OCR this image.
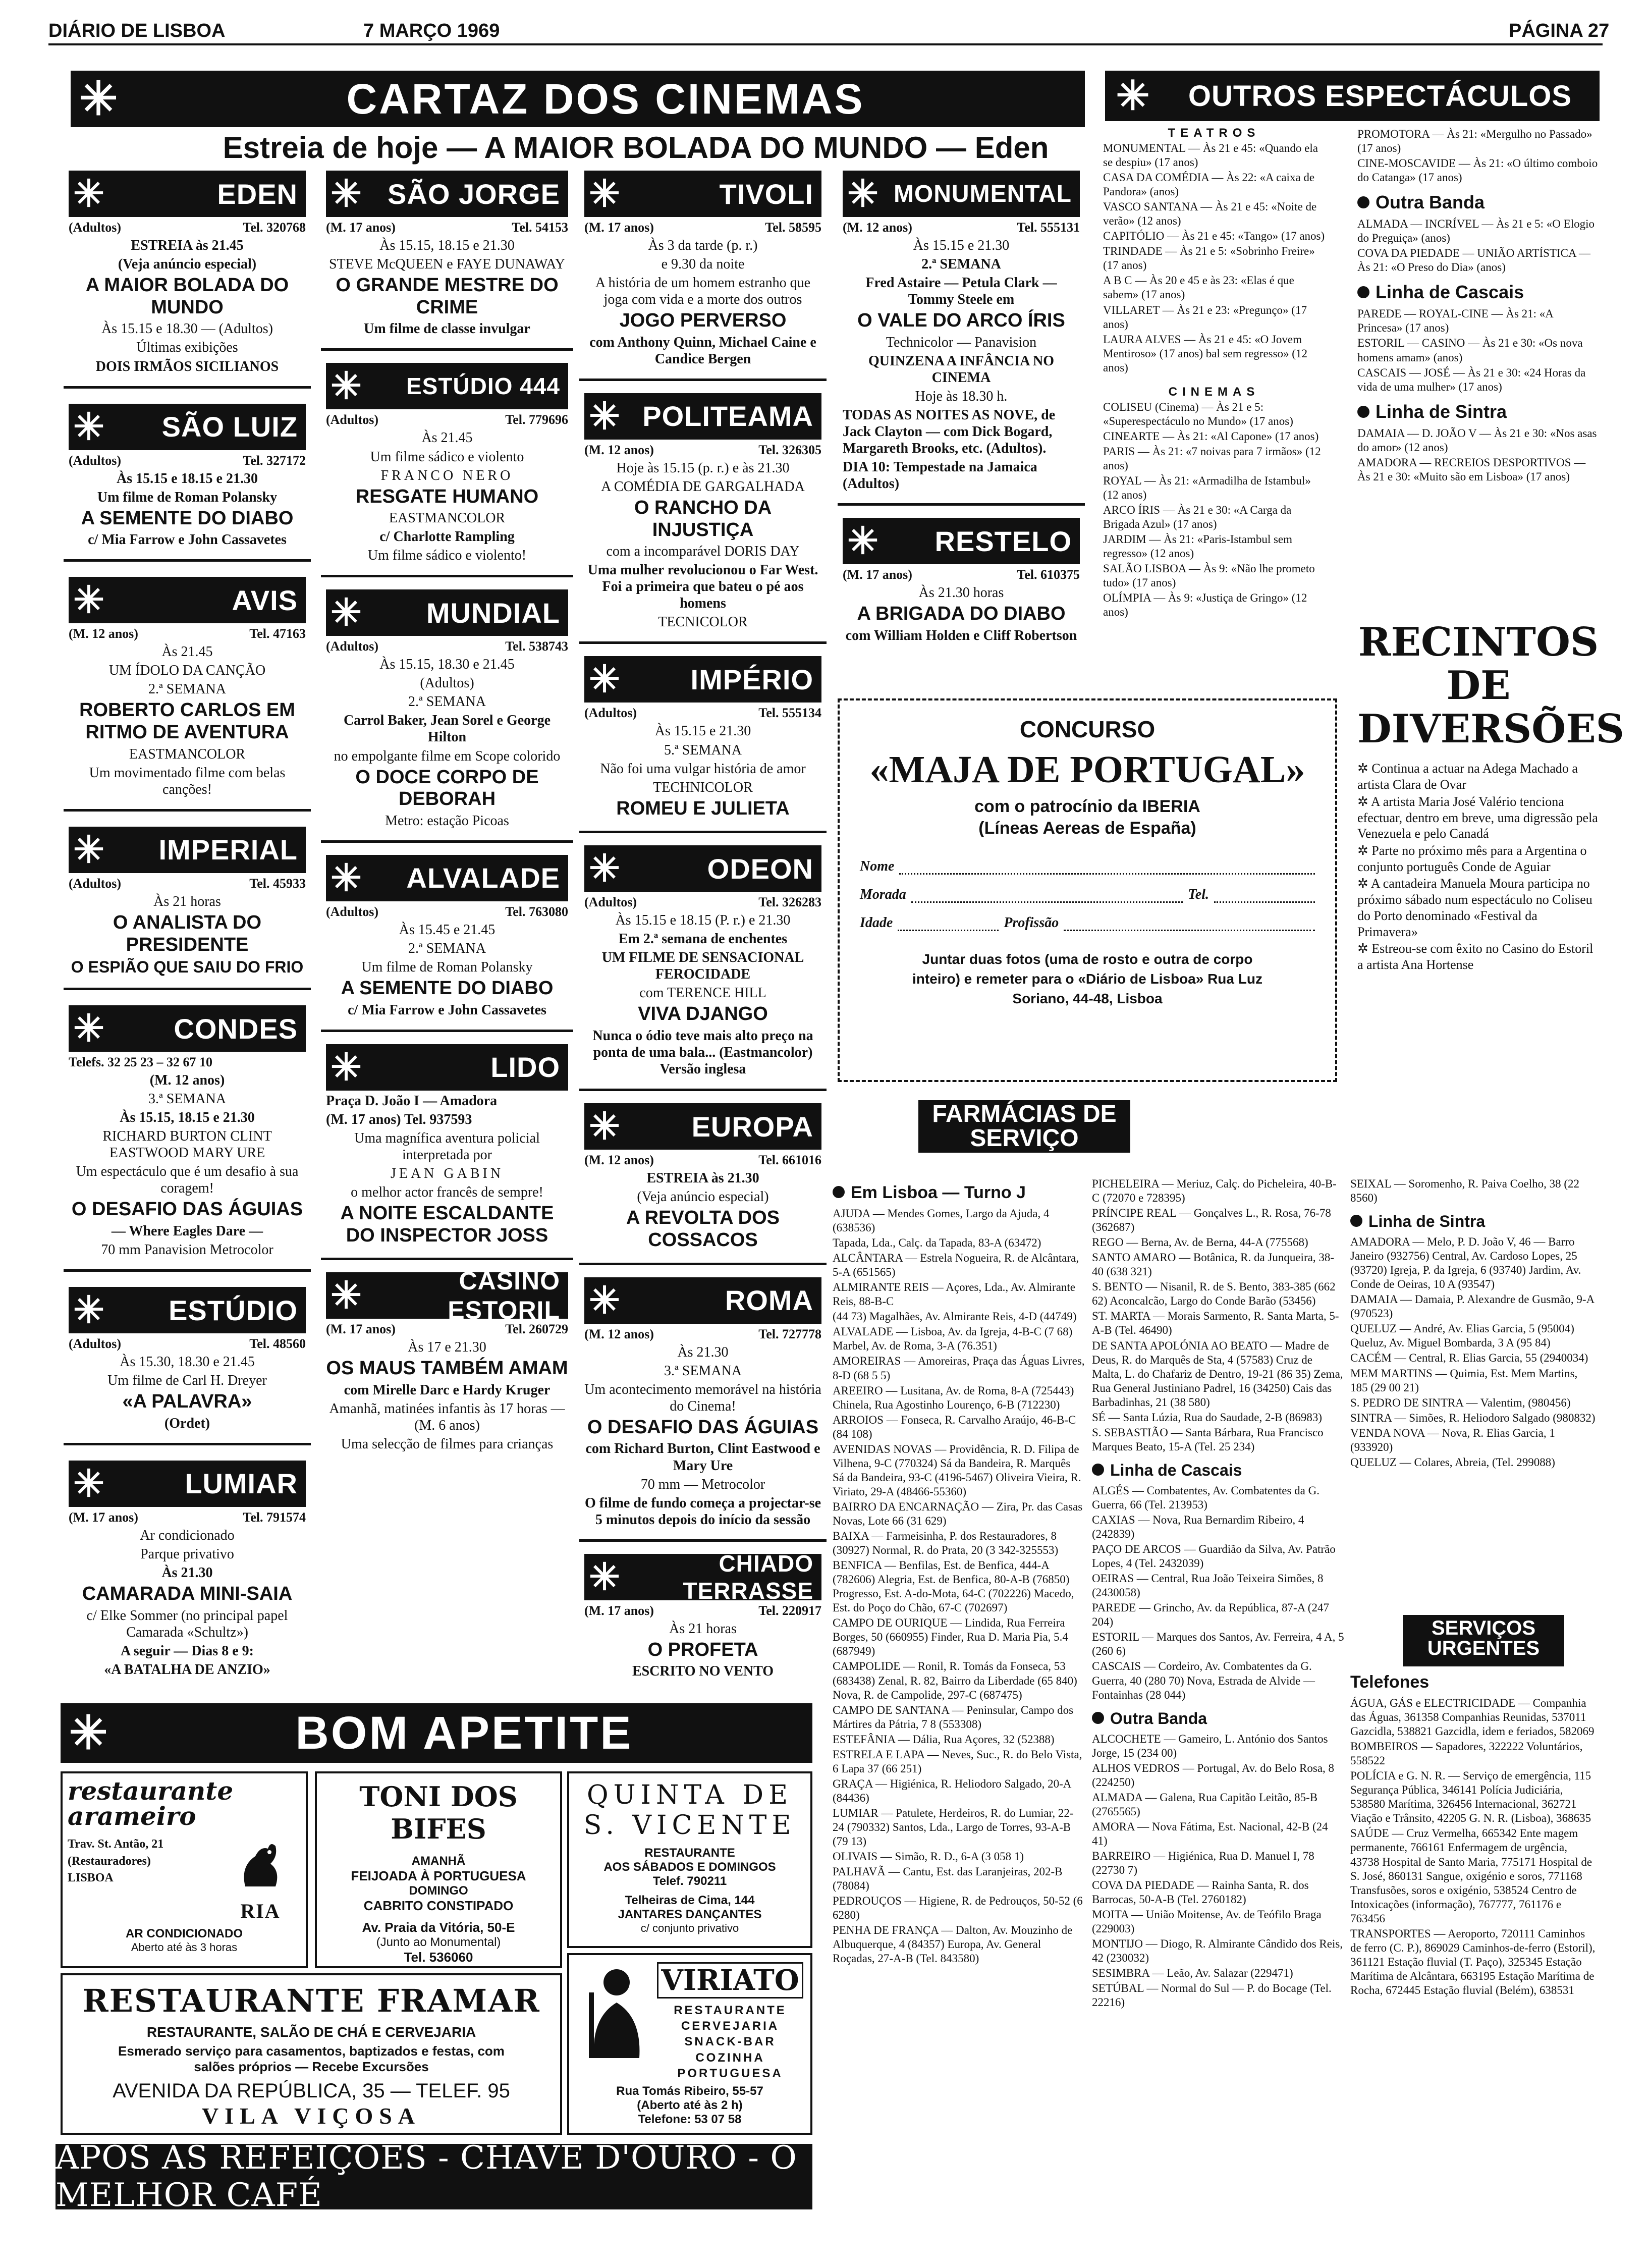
DIÁRIO DE LISBOA	7 MARÇO 1969	PÁGINA 27
✳	CARTAZ DOS CINEMAS
Estreia de hoje — A MAIOR BOLADA DO MUNDO — Eden
✳	OUTROS ESPECTÁCULOS
✳	EDEN
(Adultos)	Tel. 320768

ESTREIA às 21.45

(Veja anúncio especial)

A MAIOR BOLADA DO MUNDO

Às 15.15 e 18.30 — (Adultos)

Últimas exibições

DOIS IRMÃOS SICILIANOS

✳	SÃO LUIZ
(Adultos)	Tel. 327172

Às 15.15 e 18.15 e 21.30

Um filme de Roman Polansky

A SEMENTE DO DIABO

c/ Mia Farrow e John Cassavetes

✳	AVIS
(M. 12 anos)	Tel. 47163

Às 21.45

UM ÍDOLO DA CANÇÃO

2.ª SEMANA

ROBERTO CARLOS EM RITMO DE AVENTURA

EASTMANCOLOR

Um movimentado filme com belas canções!

✳	IMPERIAL
(Adultos)	Tel. 45933

Às 21 horas

O ANALISTA DO PRESIDENTE

O ESPIÃO QUE SAIU DO FRIO

✳	CONDES
Telefs. 32 25 23 – 32 67 10

(M. 12 anos)

3.ª SEMANA

Às 15.15, 18.15 e 21.30

RICHARD BURTON CLINT EASTWOOD MARY URE

Um espectáculo que é um desafio à sua coragem!

O DESAFIO DAS ÁGUIAS

— Where Eagles Dare —

70 mm Panavision Metrocolor

✳	ESTÚDIO
(Adultos)	Tel. 48560

Às 15.30, 18.30 e 21.45

Um filme de Carl H. Dreyer

«A PALAVRA»

(Ordet)

✳	LUMIAR
(M. 17 anos)	Tel. 791574

Ar condicionado

Parque privativo

Às 21.30

CAMARADA MINI-SAIA

c/ Elke Sommer (no principal papel Camarada «Schultz»)

A seguir — Dias 8 e 9:

«A BATALHA DE ANZIO»

✳ SÃO JORGE
(M. 17 anos)	Tel. 54153

Às 15.15, 18.15 e 21.30

STEVE McQUEEN e FAYE DUNAWAY

O GRANDE MESTRE DO CRIME

Um filme de classe invulgar

✳	ESTÚDIO 444
(Adultos)	Tel. 779696

Às 21.45

Um filme sádico e violento

FRANCO NERO

RESGATE HUMANO

EASTMANCOLOR

c/ Charlotte Rampling

Um filme sádico e violento!

✳	MUNDIAL
(Adultos)	Tel. 538743

Às 15.15, 18.30 e 21.45

(Adultos)

2.ª SEMANA

Carrol Baker, Jean Sorel e George Hilton

no empolgante filme em Scope colorido

O DOCE CORPO DE DEBORAH

Metro: estação Picoas

✳	ALVALADE
(Adultos)	Tel. 763080

Às 15.45 e 21.45

2.ª SEMANA

Um filme de Roman Polansky

A SEMENTE DO DIABO

c/ Mia Farrow e John Cassavetes

✳	LIDO

Praça D. João I — Amadora

(M. 17 anos) Tel. 937593

Uma magnífica aventura policial interpretada por

JEAN GABIN

o melhor actor francês de sempre!

A NOITE ESCALDANTE DO INSPECTOR JOSS

✳	CASINO ESTORIL
(M. 17 anos)	Tel. 260729

Às 17 e 21.30

OS MAUS TAMBÉM AMAM

com Mirelle Darc e Hardy Kruger

Amanhã, matinées infantis às 17 horas — (M. 6 anos)

Uma selecção de filmes para crianças

✳	TIVOLI
(M. 17 anos)	Tel. 58595

Às 3 da tarde (p. r.)

e 9.30 da noite

A história de um homem estranho que joga com vida e a morte dos outros

JOGO PERVERSO

com Anthony Quinn, Michael Caine e Candice Bergen

✳ POLITEAMA
(M. 12 anos)	Tel. 326305

Hoje às 15.15 (p. r.) e às 21.30

A COMÉDIA DE GARGALHADA

O RANCHO DA INJUSTIÇA

com a incomparável DORIS DAY

Uma mulher revolucionou o Far West. Foi a primeira que bateu o pé aos homens

TECNICOLOR

✳	IMPÉRIO
(Adultos)	Tel. 555134

Às 15.15 e 21.30

5.ª SEMANA

Não foi uma vulgar história de amor

TECHNICOLOR

ROMEU E JULIETA

✳	ODEON
(Adultos)	Tel. 326283

Às 15.15 e 18.15 (P. r.) e 21.30

Em 2.ª semana de enchentes

UM FILME DE SENSACIONAL FEROCIDADE

com TERENCE HILL

VIVA DJANGO

Nunca o ódio teve mais alto preço na ponta de uma bala... (Eastmancolor) Versão inglesa

✳	EUROPA
(M. 12 anos)	Tel. 661016

ESTREIA às 21.30

(Veja anúncio especial)

A REVOLTA DOS COSSACOS

✳	ROMA
(M. 12 anos)	Tel. 727778

Às 21.30

3.ª SEMANA

Um acontecimento memorável na história do Cinema!

O DESAFIO DAS ÁGUIAS

com Richard Burton, Clint Eastwood e Mary Ure

70 mm — Metrocolor

O filme de fundo começa a projectar-se 5 minutos depois do início da sessão

✳	CHIADO TERRASSE
(M. 17 anos)	Tel. 220917

Às 21 horas

O PROFETA

ESCRITO NO VENTO

✳ MONUMENTAL
(M. 12 anos)	Tel. 555131

Às 15.15 e 21.30

2.ª SEMANA

Fred Astaire — Petula Clark — Tommy Steele em

O VALE DO ARCO ÍRIS

Technicolor — Panavision

QUINZENA A INFÂNCIA NO CINEMA

Hoje às 18.30 h.

TODAS AS NOITES AS NOVE, de Jack Clayton — com Dick Bogard, Margareth Brooks, etc. (Adultos).

DIA 10: Tempestade na Jamaica (Adultos)

✳	RESTELO
(M. 17 anos)	Tel. 610375

Às 21.30 horas

A BRIGADA DO DIABO

com William Holden e Cliff Robertson

CONCURSO
«MAJA DE PORTUGAL»
com o patrocínio da IBERIA
(Líneas Aereas de España)
Nome
Morada	Tel.
Idade	Profissão
Juntar duas fotos (uma de rosto e outra de corpo inteiro) e remeter para o «Diário de Lisboa» Rua Luz Soriano, 44-48, Lisboa
TEATROS

MONUMENTAL — Às 21 e 45: «Quando ela se despiu» (17 anos)

CASA DA COMÉDIA — Às 22: «A caixa de Pandora» (anos)

VASCO SANTANA — Às 21 e 45: «Noite de verão» (12 anos)

CAPITÓLIO — Às 21 e 45: «Tango» (17 anos)

TRINDADE — Às 21 e 5: «Sobrinho Freire» (17 anos)

A B C — Às 20 e 45 e às 23: «Elas é que sabem» (17 anos)

VILLARET — Às 21 e 23: «Pregunço» (17 anos)

LAURA ALVES — Às 21 e 45: «O Jovem Mentiroso» (17 anos) bal sem regresso» (12 anos)

CINEMAS

COLISEU (Cinema) — Às 21 e 5: «Superespectáculo no Mundo» (17 anos)

CINEARTE — Às 21: «Al Capone» (17 anos)

PARIS — Às 21: «7 noivas para 7 irmãos» (12 anos)

ROYAL — Às 21: «Armadilha de Istambul» (12 anos)

ARCO ÍRIS — Às 21 e 30: «A Carga da Brigada Azul» (17 anos)

JARDIM — Às 21: «Paris-Istambul sem regresso» (12 anos)

SALÃO LISBOA — Às 9: «Não lhe prometo tudo» (17 anos)

OLÍMPIA — Às 9: «Justiça de Gringo» (12 anos)

PROMOTORA — Às 21: «Mergulho no Passado» (17 anos)

CINE-MOSCAVIDE — Às 21: «O último comboio do Catanga» (17 anos)

Outra Banda

ALMADA — INCRÍVEL — Às 21 e 5: «O Elogio do Preguiça» (anos)

COVA DA PIEDADE — UNIÃO ARTÍSTICA — Às 21: «O Preso do Dia» (anos)

Linha de Cascais

PAREDE — ROYAL-CINE — Às 21: «A Princesa» (17 anos)

ESTORIL — CASINO — Às 21 e 30: «Os nova homens amam» (anos)

CASCAIS — JOSÉ — Às 21 e 30: «24 Horas da vida de uma mulher» (17 anos)

Linha de Sintra

DAMAIA — D. JOÃO V — Às 21 e 30: «Nos asas do amor» (12 anos)

AMADORA — RECREIOS DESPORTIVOS — Às 21 e 30: «Muito são em Lisboa» (17 anos)

RECINTOS DE DIVERSÕES

✲ Continua a actuar na Adega Machado a artista Clara de Ovar

✲ A artista Maria José Valério tenciona efectuar, dentro em breve, uma digressão pela Venezuela e pelo Canadá

✲ Parte no próximo mês para a Argentina o conjunto português Conde de Aguiar

✲ A cantadeira Manuela Moura participa no próximo sábado num espectáculo no Coliseu do Porto denominado «Festival da Primavera»

✲ Estreou-se com êxito no Casino do Estoril a artista Ana Hortense

FARMÁCIAS DE SERVIÇO
Em Lisboa — Turno J

AJUDA — Mendes Gomes, Largo da Ajuda, 4 (638536)

Tapada, Lda., Calç. da Tapada, 83-A (63472)

ALCÂNTARA — Estrela Nogueira, R. de Alcântara, 5-A (651565)

ALMIRANTE REIS — Açores, Lda., Av. Almirante Reis, 88-B-C

(44 73) Magalhães, Av. Almirante Reis, 4-D (44749)

ALVALADE — Lisboa, Av. da Igreja, 4-B-C (7 68) Marbel, Av. de Roma, 3-A (76.351)

AMOREIRAS — Amoreiras, Praça das Águas Livres, 8-D (68 5 5)

AREEIRO — Lusitana, Av. de Roma, 8-A (725443) Chinela, Rua Agostinho Lourenço, 6-B (712230)

ARROIOS — Fonseca, R. Carvalho Araújo, 46-B-C (84 108)

AVENIDAS NOVAS — Providência, R. D. Filipa de Vilhena, 9-C (770324) Sá da Bandeira, R. Marquês Sá da Bandeira, 93-C (4196-5467) Oliveira Vieira, R. Viriato, 29-A (48466-55360)

BAIRRO DA ENCARNAÇÃO — Zira, Pr. das Casas Novas, Lote 66 (31 629)

BAIXA — Farmeisinha, P. dos Restauradores, 8 (30927) Normal, R. do Prata, 20 (3 342-325553)

BENFICA — Benfilas, Est. de Benfica, 444-A (782606) Alegria, Est. de Benfica, 80-A-B (76850) Progresso, Est. A-do-Mota, 64-C (702226) Macedo, Est. do Poço do Chão, 67-C (702697)

CAMPO DE OURIQUE — Lindida, Rua Ferreira Borges, 50 (660955) Finder, Rua D. Maria Pia, 5.4 (687949)

CAMPOLIDE — Ronil, R. Tomás da Fonseca, 53 (683438) Zenal, R. 82, Bairro da Liberdade (65 840) Nova, R. de Campolide, 297-C (687475)

CAMPO DE SANTANA — Peninsular, Campo dos Mártires da Pátria, 7 8 (553308)

ESTEFÂNIA — Dália, Rua Açores, 32 (52388)

ESTRELA E LAPA — Neves, Suc., R. do Belo Vista, 6 Lapa 37 (66 251)

GRAÇA — Higiénica, R. Heliodoro Salgado, 20-A (84436)

LUMIAR — Patulete, Herdeiros, R. do Lumiar, 22-24 (790332) Santos, Lda., Largo de Torres, 93-A-B (79 13)

OLIVAIS — Simão, R. D., 6-A (3 058 1)

PALHAVÃ — Cantu, Est. das Laranjeiras, 202-B (78084)

PEDROUÇOS — Higiene, R. de Pedrouços, 50-52 (6 6280)

PENHA DE FRANÇA — Dalton, Av. Mouzinho de Albuquerque, 4 (84357) Europa, Av. General Roçadas, 27-A-B (Tel. 843580)

PICHELEIRA — Meriuz, Calç. do Picheleira, 40-B-C (72070 e 728395)

PRÍNCIPE REAL — Gonçalves L., R. Rosa, 76-78 (362687)

REGO — Berna, Av. de Berna, 44-A (775568)

SANTO AMARO — Botânica, R. da Junqueira, 38-40 (638 321)

S. BENTO — Nisanil, R. de S. Bento, 383-385 (662 62) Aconcalcão, Largo do Conde Barão (53456)

ST. MARTA — Morais Sarmento, R. Santa Marta, 5-A-B (Tel. 46490)

DE SANTA APOLÓNIA AO BEATO — Madre de Deus, R. do Marquês de Sta, 4 (57583) Cruz de Malta, L. do Chafariz de Dentro, 19-21 (86 35) Zema, Rua General Justiniano Padrel, 16 (34250) Cais das Barbadinhas, 21 (38 580)

SÉ — Santa Lúzia, Rua do Saudade, 2-B (86983)

S. SEBASTIÃO — Santa Bárbara, Rua Francisco Marques Beato, 15-A (Tel. 25 234)

Linha de Cascais

ALGÉS — Combatentes, Av. Combatentes da G. Guerra, 66 (Tel. 213953)

CAXIAS — Nova, Rua Bernardim Ribeiro, 4 (242839)

PAÇO DE ARCOS — Guardião da Silva, Av. Patrão Lopes, 4 (Tel. 2432039)

OEIRAS — Central, Rua João Teixeira Simões, 8 (2430058)

PAREDE — Grincho, Av. da República, 87-A (247 204)

ESTORIL — Marques dos Santos, Av. Ferreira, 4 A, 5 (260 6)

CASCAIS — Cordeiro, Av. Combatentes da G. Guerra, 40 (280 70) Nova, Estrada de Alvide — Fontainhas (28 044)

Outra Banda

ALCOCHETE — Gameiro, L. António dos Santos Jorge, 15 (234 00)

ALHOS VEDROS — Portugal, Av. do Belo Rosa, 8 (224250)

ALMADA — Galena, Rua Capitão Leitão, 85-B (2765565)

AMORA — Nova Fátima, Est. Nacional, 42-B (24 41)

BARREIRO — Higiénica, Rua D. Manuel I, 78 (22730 7)

COVA DA PIEDADE — Rainha Santa, R. dos Barrocas, 50-A-B (Tel. 2760182)

MOITA — União Moitense, Av. de Teófilo Braga (229003)

MONTIJO — Diogo, R. Almirante Cândido dos Reis, 42 (230032)

SESIMBRA — Leão, Av. Salazar (229471)

SETÚBAL — Normal do Sul — P. do Bocage (Tel. 22216)

SEIXAL — Soromenho, R. Paiva Coelho, 38 (22 8560)

Linha de Sintra

AMADORA — Melo, P. D. João V, 46 — Barro Janeiro (932756) Central, Av. Cardoso Lopes, 25 (93720) Igreja, P. da Igreja, 6 (93740) Jardim, Av. Conde de Oeiras, 10 A (93547)

DAMAIA — Damaia, P. Alexandre de Gusmão, 9-A (970523)

QUELUZ — André, Av. Elias Garcia, 5 (95004) Queluz, Av. Miguel Bombarda, 3 A (95 84)

CACÉM — Central, R. Elias Garcia, 55 (2940034)

MEM MARTINS — Quimia, Est. Mem Martins, 185 (29 00 21)

S. PEDRO DE SINTRA — Valentim, (980456)

SINTRA — Simões, R. Heliodoro Salgado (980832)

VENDA NOVA — Nova, R. Elias Garcia, 1 (933920)

QUELUZ — Colares, Abreia, (Tel. 299088)

SERVIÇOS URGENTES
Telefones

ÁGUA, GÁS e ELECTRICIDADE — Companhia das Águas, 361358 Companhias Reunidas, 537011 Gazcidla, 538821 Gazcidla, idem e feriados, 582069

BOMBEIROS — Sapadores, 322222 Voluntários, 558522

POLÍCIA e G. N. R. — Serviço de emergência, 115 Segurança Pública, 346141 Polícia Judiciária, 538580 Marítima, 326456 Internacional, 362721 Viação e Trânsito, 42205 G. N. R. (Lisboa), 368635

SAÚDE — Cruz Vermelha, 665342 Ente magem permanente, 766161 Enfermagem de urgência, 43738 Hospital de Santo Maria, 775171 Hospital de S. José, 860131 Sangue, oxigénio e soros, 771168 Transfusões, soros e oxigénio, 538524 Centro de Intoxicações (informação), 767777, 761176 e 763456

TRANSPORTES — Aeroporto, 720111 Caminhos de ferro (C. P.), 869029 Caminhos-de-ferro (Estoril), 361121 Estação fluvial (T. Paço), 325345 Estação Marítima de Alcântara, 663195 Estação Marítima de Rocha, 672445 Estação fluvial (Belém), 638531

✳	BOM APETITE
restaurante arameiro
Trav. St. Antão, 21
(Restauradores)
LISBOA
RIA
AR CONDICIONADO
Aberto até às 3 horas
TONI DOS BIFES
AMANHÃ
FEIJOADA À PORTUGUESA
DOMINGO
CABRITO CONSTIPADO
Av. Praia da Vitória, 50-E
(Junto ao Monumental)
Tel. 536060
QUINTA DE S. VICENTE
RESTAURANTE
AOS SÁBADOS E DOMINGOS
Telef. 790211
Telheiras de Cima, 144
JANTARES DANÇANTES
c/ conjunto privativo
RESTAURANTE FRAMAR
RESTAURANTE, SALÃO DE CHÁ E CERVEJARIA
Esmerado serviço para casamentos, baptizados e festas, com salões próprios — Recebe Excursões
AVENIDA DA REPÚBLICA, 35 — TELEF. 95
VILA VIÇOSA
VIRIATO
RESTAURANTE CERVEJARIA SNACK-BAR COZINHA PORTUGUESA
Rua Tomás Ribeiro, 55-57
(Aberto até às 2 h)
Telefone: 53 07 58
APÓS AS REFEIÇÕES - CHAVE D'OURO - O MELHOR CAFÉ
